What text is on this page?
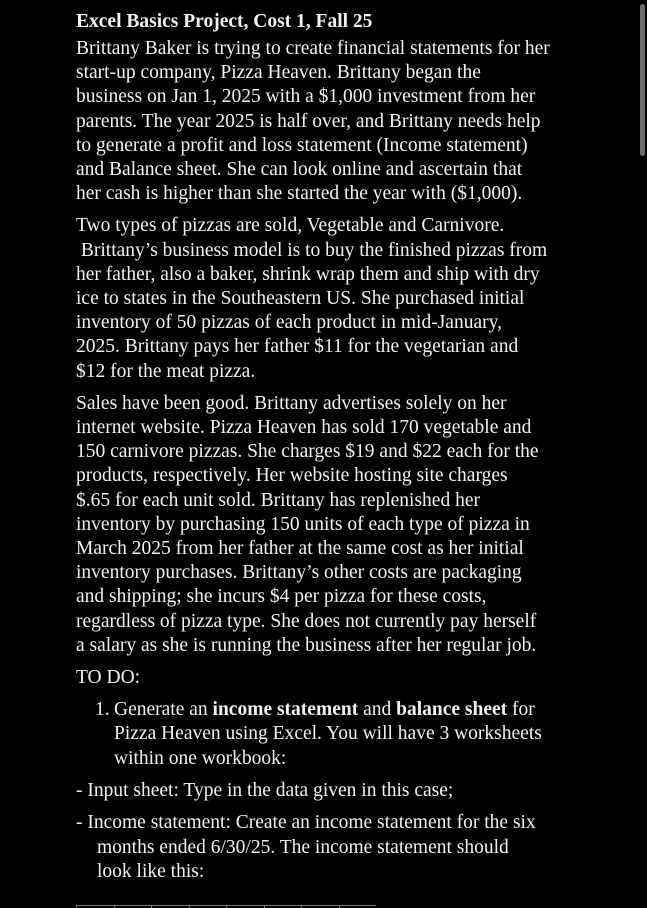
Excel Basics Project, Cost 1, Fall 25
Brittany Baker is trying to create financial statements for her
start-up company, Pizza Heaven. Brittany began the
business on Jan 1, 2025 with a $1,000 investment from her
parents. The year 2025 is half over, and Brittany needs help
to generate a profit and loss statement (Income statement)
and Balance sheet. She can look online and ascertain that
her cash is higher than she started the year with ($1,000).
Two types of pizzas are sold, Vegetable and Carnivore.
Brittany’s business model is to buy the finished pizzas from
her father, also a baker, shrink wrap them and ship with dry
ice to states in the Southeastern US. She purchased initial
inventory of 50 pizzas of each product in mid-January,
2025. Brittany pays her father $11 for the vegetarian and
$12 for the meat pizza.
Sales have been good. Brittany advertises solely on her
internet website. Pizza Heaven has sold 170 vegetable and
150 carnivore pizzas. She charges $19 and $22 each for the
products, respectively. Her website hosting site charges
$.65 for each unit sold. Brittany has replenished her
inventory by purchasing 150 units of each type of pizza in
March 2025 from her father at the same cost as her initial
inventory purchases. Brittany’s other costs are packaging
and shipping; she incurs $4 per pizza for these costs,
regardless of pizza type. She does not currently pay herself
a salary as she is running the business after her regular job.
TO DO:
1. Generate an income statement and balance sheet for
Pizza Heaven using Excel. You will have 3 worksheets
within one workbook:
- Input sheet: Type in the data given in this case;
- Income statement: Create an income statement for the six
months ended 6/30/25. The income statement should
look like this:
